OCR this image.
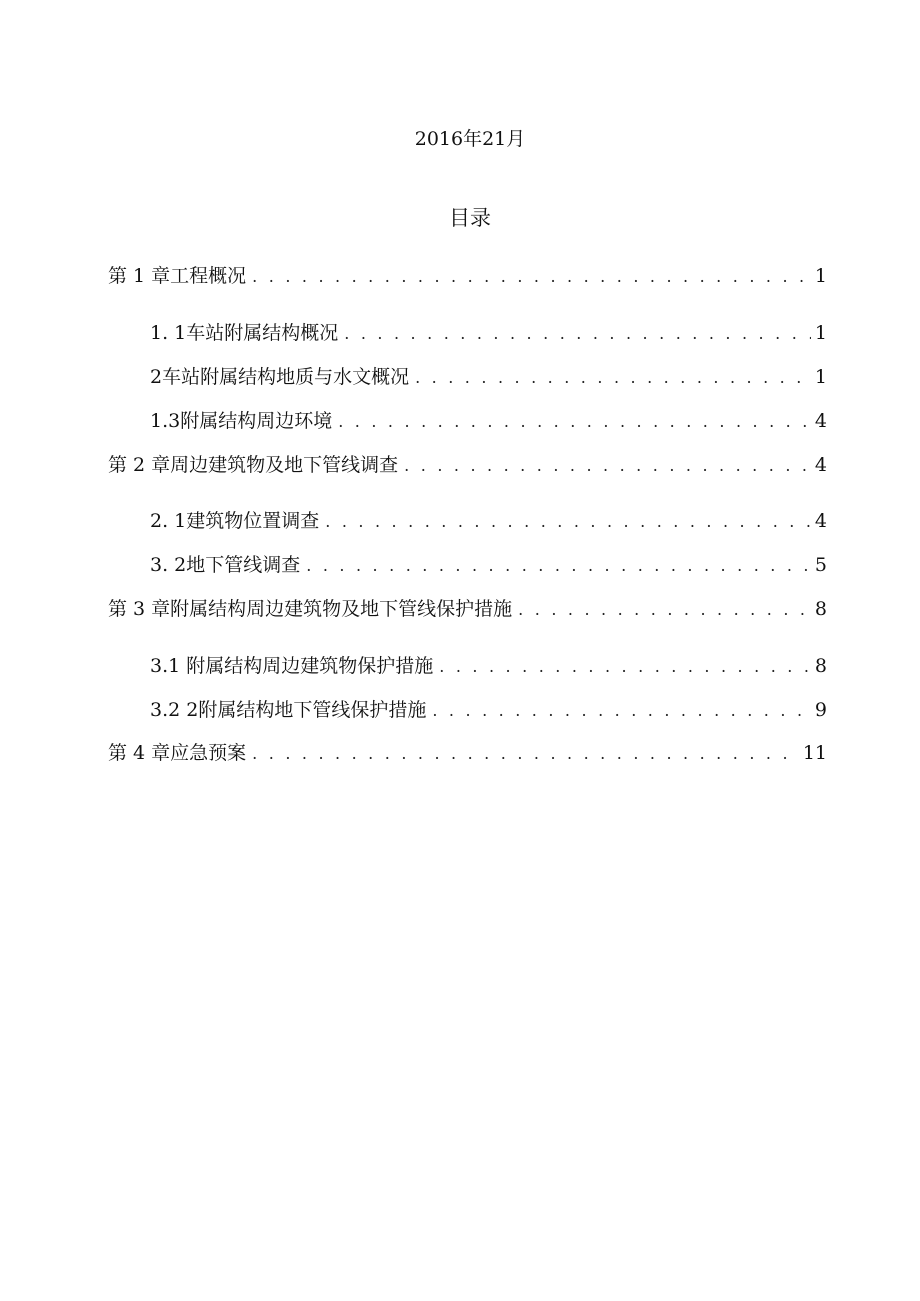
2016年21月
目录
第 1 章工程概况 . . .	1
1. 1车站附属结构概况 . . .	1
2车站附属结构地质与水文概况 . . .	1
1.3附属结构周边环境 . . .	4
第 2 章周边建筑物及地下管线调查 . . .	4
2. 1建筑物位置调查 . . .	4
3. 2地下管线调查 . . .	5
第 3 章附属结构周边建筑物及地下管线保护措施 . . .	8
3.1 附属结构周边建筑物保护措施 . . .	8
3.2 2附属结构地下管线保护措施 . . .	9
第 4 章应急预案 . . .	11
